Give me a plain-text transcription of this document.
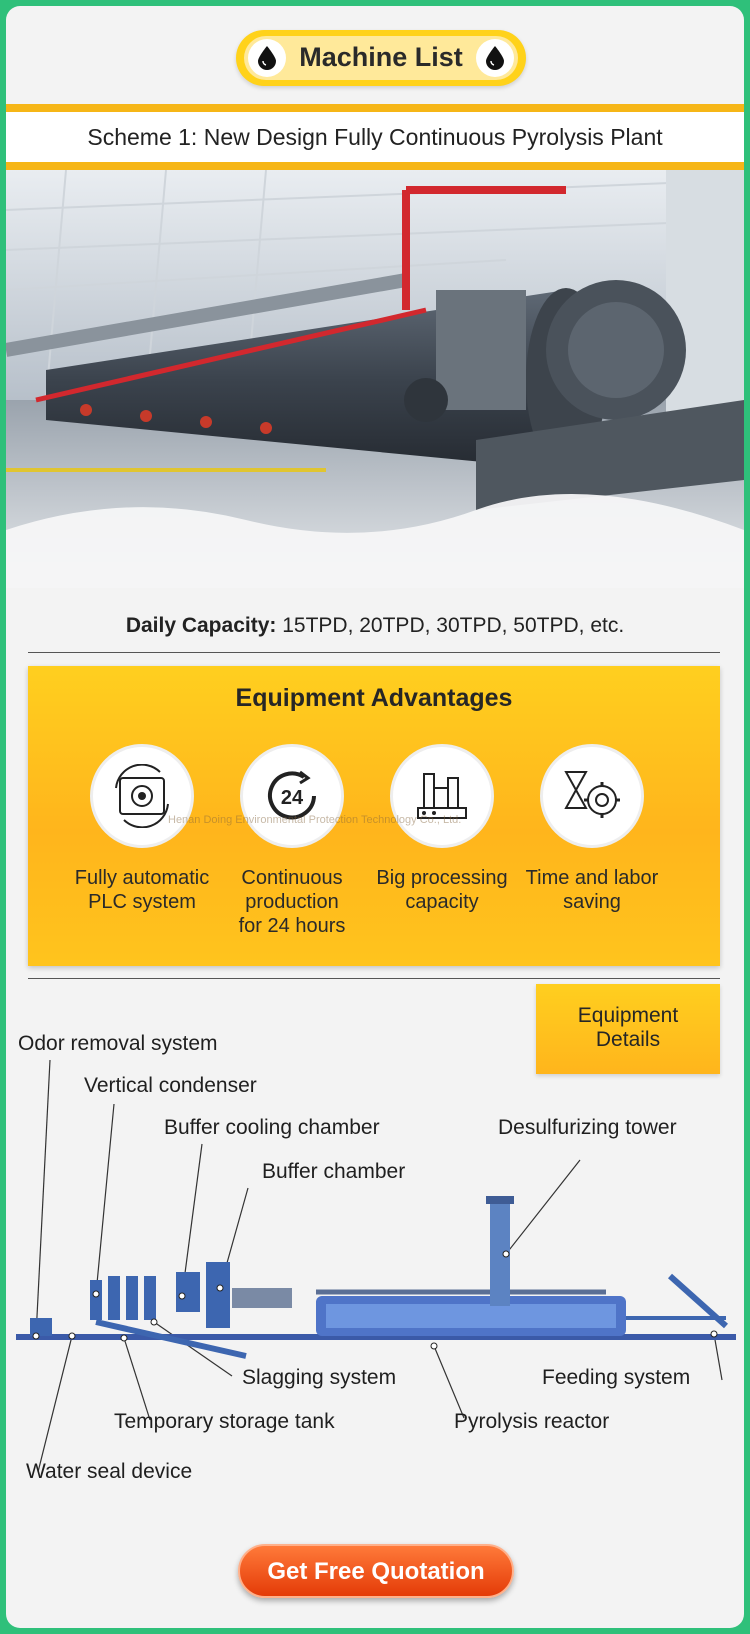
Machine List
Scheme 1: New Design Fully Continuous Pyrolysis Plant
Daily Capacity: 15TPD, 20TPD, 30TPD, 50TPD, etc.
Equipment Advantages
Fully automatic
PLC system
24
Continuous
production
for 24 hours
Big processing
capacity
Time and labor
saving
Henan Doing Environmental Protection Technology Co., Ltd.
Equipment
Details
Odor removal system
Vertical condenser
Buffer cooling chamber
Buffer chamber
Desulfurizing tower
Slagging system	Feeding system
Temporary storage tank	Pyrolysis reactor
Water seal device
Get Free Quotation
